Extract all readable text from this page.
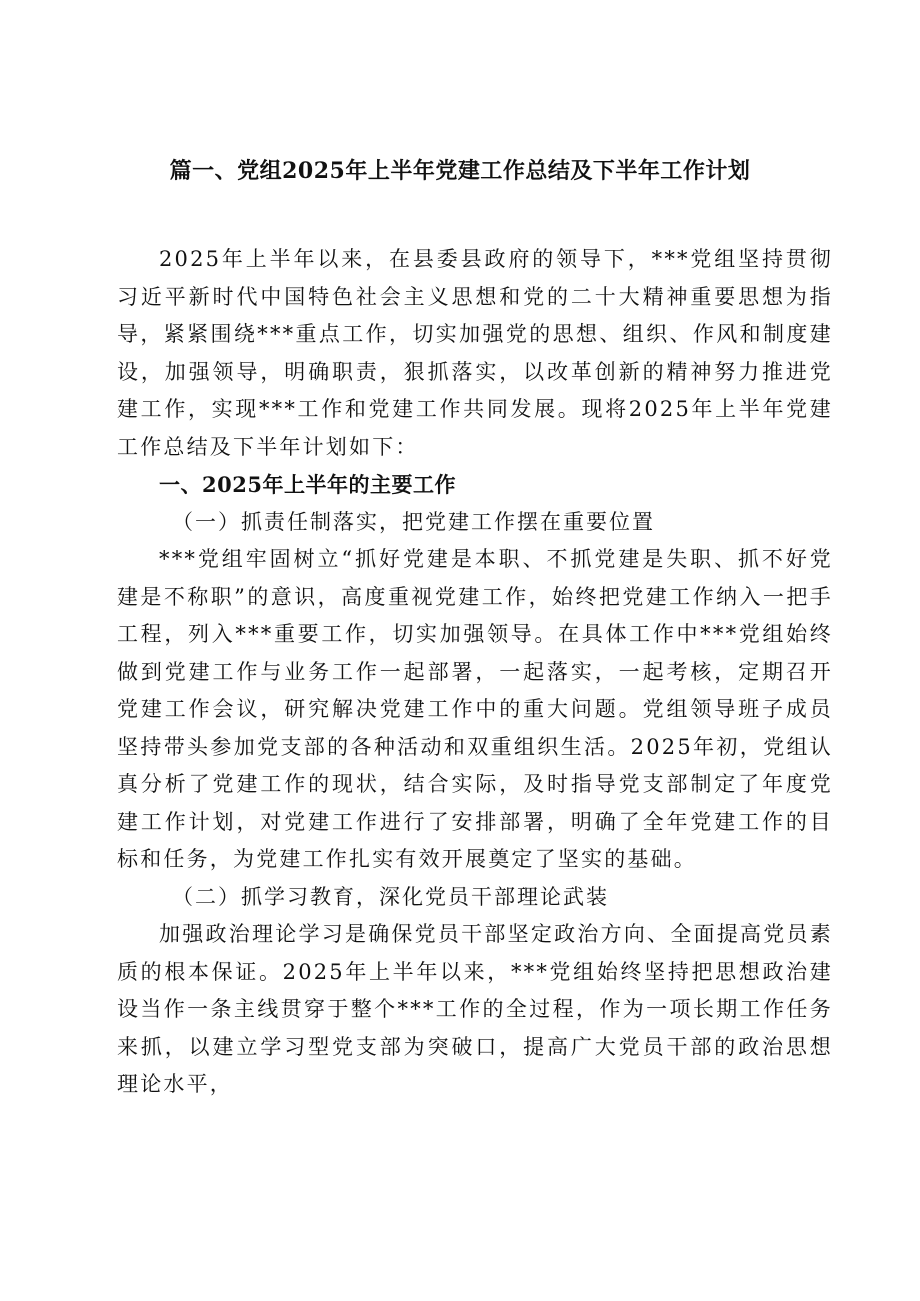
篇一、党组2025年上半年党建工作总结及下半年工作计划

2025年上半年以来，在县委县政府的领导下，***党组坚持贯彻习近平新时代中国特色社会主义思想和党的二十大精神重要思想为指导，紧紧围绕***重点工作，切实加强党的思想、组织、作风和制度建设，加强领导，明确职责，狠抓落实，以改革创新的精神努力推进党建工作，实现***工作和党建工作共同发展。现将2025年上半年党建工作总结及下半年计划如下：

一、2025年上半年的主要工作

（一）抓责任制落实，把党建工作摆在重要位置

***党组牢固树立“抓好党建是本职、不抓党建是失职、抓不好党建是不称职”的意识，高度重视党建工作，始终把党建工作纳入一把手工程，列入***重要工作，切实加强领导。在具体工作中***党组始终做到党建工作与业务工作一起部署，一起落实，一起考核，定期召开党建工作会议，研究解决党建工作中的重大问题。党组领导班子成员坚持带头参加党支部的各种活动和双重组织生活。2025年初，党组认真分析了党建工作的现状，结合实际，及时指导党支部制定了年度党建工作计划，对党建工作进行了安排部署，明确了全年党建工作的目标和任务，为党建工作扎实有效开展奠定了坚实的基础。

（二）抓学习教育，深化党员干部理论武装

加强政治理论学习是确保党员干部坚定政治方向、全面提高党员素质的根本保证。2025年上半年以来，***党组始终坚持把思想政治建设当作一条主线贯穿于整个***工作的全过程，作为一项长期工作任务来抓，以建立学习型党支部为突破口，提高广大党员干部的政治思想理论水平，
